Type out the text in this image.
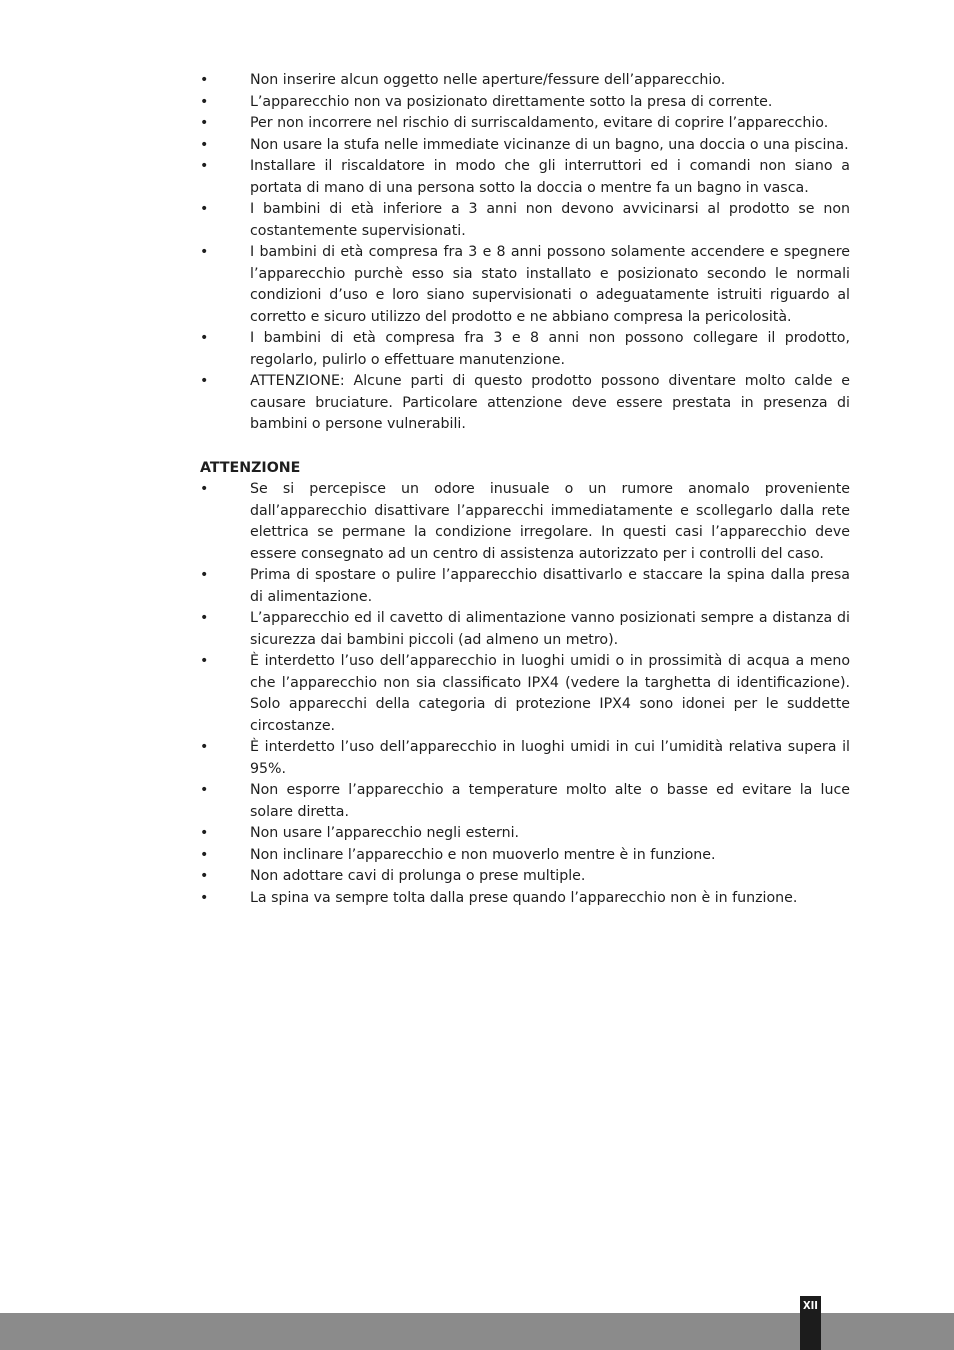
•	Non inserire alcun oggetto nelle aperture/fessure dell’apparecchio.
•	L’apparecchio non va posizionato direttamente sotto la presa di corrente.
•	Per non incorrere nel rischio di surriscaldamento, evitare di coprire l’apparecchio.
•	Non usare la stufa nelle immediate vicinanze di un bagno, una doccia o una piscina.
•	Installare il riscaldatore in modo che gli interruttori ed i comandi non siano a portata di mano di una persona sotto la doccia o mentre fa un bagno in vasca.
•	I bambini di età inferiore a 3 anni non devono avvicinarsi al prodotto se non costantemente supervisionati.
•	I bambini di età compresa fra 3 e 8 anni possono solamente accendere e spegnere l’apparecchio purchè esso sia stato installato e posizionato secondo le normali condizioni d’uso e loro siano supervisionati o adeguatamente istruiti riguardo al corretto e sicuro utilizzo del prodotto e ne abbiano compresa la pericolosità.
•	I bambini di età compresa fra 3 e 8 anni non possono collegare il prodotto, regolarlo, pulirlo o effettuare manutenzione.
•	ATTENZIONE: Alcune parti di questo prodotto possono diventare molto calde e causare bruciature. Particolare attenzione deve essere prestata in presenza di bambini o persone vulnerabili.
ATTENZIONE
•	Se si percepisce un odore inusuale o un rumore anomalo proveniente dall’apparecchio disattivare l’apparecchi immediatamente e scollegarlo dalla rete elettrica se permane la condizione irregolare. In questi casi l’apparecchio deve essere consegnato ad un centro di assistenza autorizzato per i controlli del caso.
•	Prima di spostare o pulire l’apparecchio disattivarlo e staccare la spina dalla presa di alimentazione.
•	L’apparecchio ed il cavetto di alimentazione vanno posizionati sempre a distanza di sicurezza dai bambini piccoli (ad almeno un metro).
•	È interdetto l’uso dell’apparecchio in luoghi umidi o in prossimità di acqua a meno che l’apparecchio non sia classificato IPX4 (vedere la targhetta di identificazione). Solo apparecchi della categoria di protezione IPX4 sono idonei per le suddette circostanze.
•	È interdetto l’uso dell’apparecchio in luoghi umidi in cui l’umidità relativa supera il 95%.
•	Non esporre l’apparecchio a temperature molto alte o basse ed evitare la luce solare diretta.
•	Non usare l’apparecchio negli esterni.
•	Non inclinare l’apparecchio e non muoverlo mentre è in funzione.
•	Non adottare cavi di prolunga o prese multiple.
•	La spina va sempre tolta dalla prese quando l’apparecchio non è in funzione.
XII
